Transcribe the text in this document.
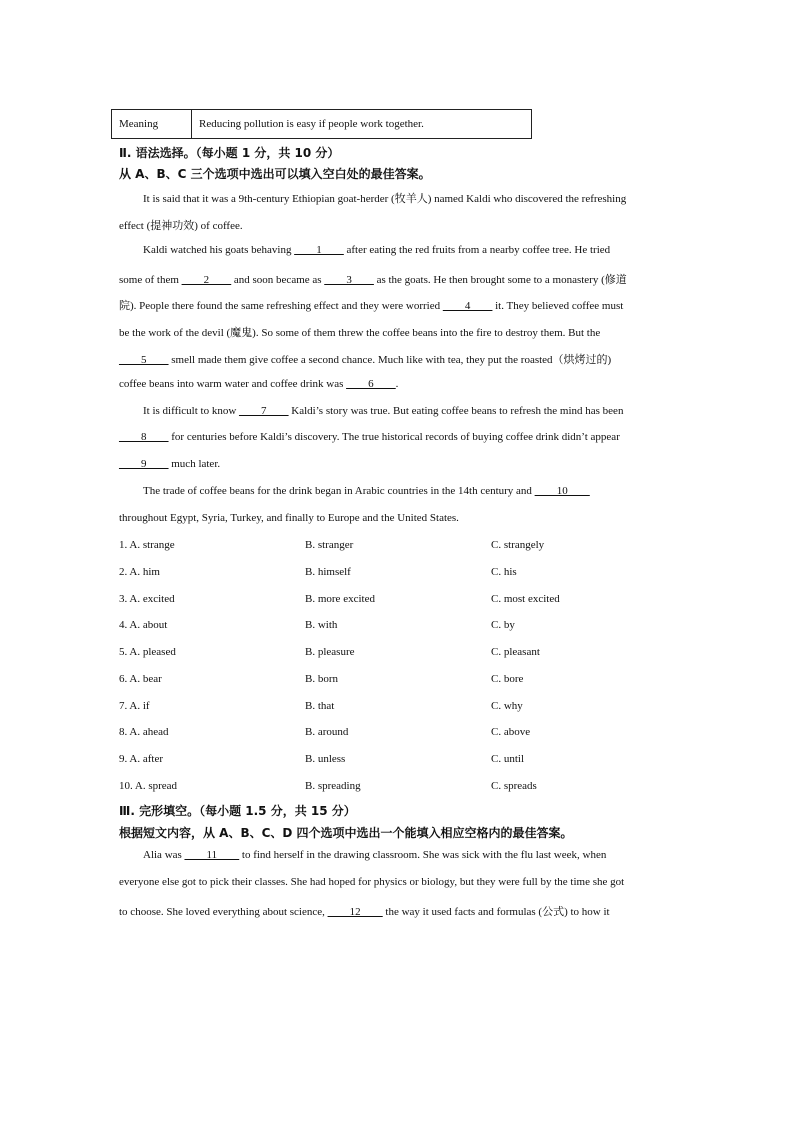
Meaning	Reducing pollution is easy if people work together.
Ⅱ. 语法选择。（每小题 1 分，共 10 分）
从 A、B、C 三个选项中选出可以填入空白处的最佳答案。
It is said that it was a 9th-century Ethiopian goat-herder (牧羊人) named Kaldi who discovered the refreshing
effect (提神功效) of coffee.
Kaldi watched his goats behaving ____1____ after eating the red fruits from a nearby coffee tree. He tried
some of them ____2____ and soon became as ____3____ as the goats. He then brought some to a monastery (修道
院). People there found the same refreshing effect and they were worried ____4____ it. They believed coffee must
be the work of the devil (魔鬼). So some of them threw the coffee beans into the fire to destroy them. But the
____5____ smell made them give coffee a second chance. Much like with tea, they put the roasted（烘烤过的)
coffee beans into warm water and coffee drink was ____6____.
It is difficult to know ____7____ Kaldi’s story was true. But eating coffee beans to refresh the mind has been
____8____ for centuries before Kaldi’s discovery. The true historical records of buying coffee drink didn’t appear
____9____ much later.
The trade of coffee beans for the drink began in Arabic countries in the 14th century and ____10____
throughout Egypt, Syria, Turkey, and finally to Europe and the United States.
1. A. strange	B. stranger	C. strangely
2. A. him	B. himself	C. his
3. A. excited	B. more excited	C. most excited
4. A. about	B. with	C. by
5. A. pleased	B. pleasure	C. pleasant
6. A. bear	B. born	C. bore
7. A. if	B. that	C. why
8. A. ahead	B. around	C. above
9. A. after	B. unless	C. until
10. A. spread	B. spreading	C. spreads
Ⅲ. 完形填空。（每小题 1.5 分，共 15 分）
根据短文内容，从 A、B、C、D 四个选项中选出一个能填入相应空格内的最佳答案。
Alia was ____11____ to find herself in the drawing classroom. She was sick with the flu last week, when
everyone else got to pick their classes. She had hoped for physics or biology, but they were full by the time she got
to choose. She loved everything about science, ____12____ the way it used facts and formulas (公式) to how it
